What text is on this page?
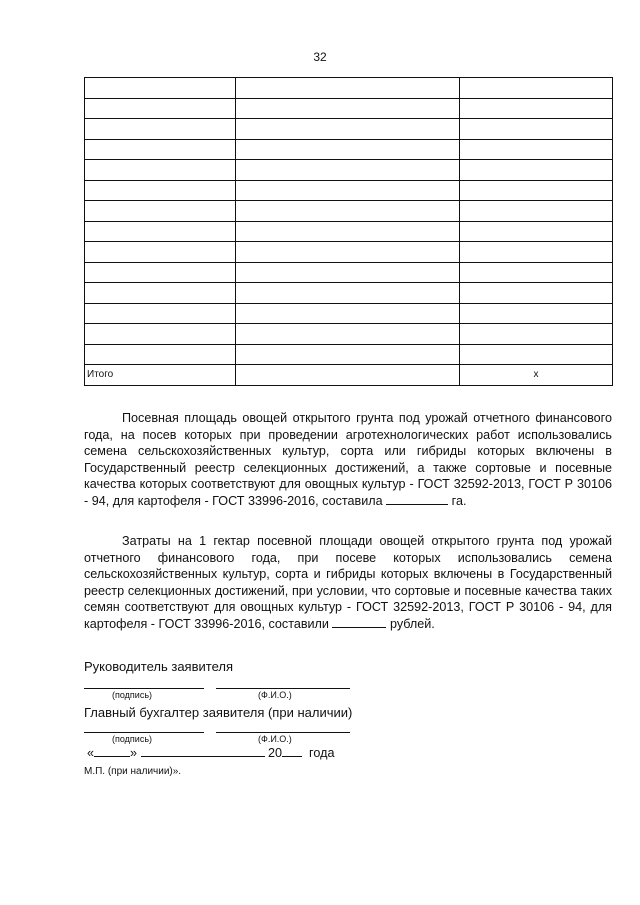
32

Итого		х

Посевная площадь овощей открытого грунта под урожай отчетного финансового года, на посев которых при проведении агротехнологических работ использовались семена сельскохозяйственных культур, сорта или гибриды которых включены в Государственный реестр селекционных достижений, а также сортовые и посевные качества которых соответствуют для овощных культур - ГОСТ 32592-2013, ГОСТ Р 30106 - 94, для картофеля - ГОСТ 33996-2016, составила	га.

Затраты на 1 гектар посевной площади овощей открытого грунта под урожай отчетного финансового года, при посеве которых использовались семена сельскохозяйственных культур, сорта и гибриды которых включены в Государственный реестр селекционных достижений, при условии, что сортовые и посевные качества таких семян соответствуют для овощных культур - ГОСТ 32592-2013, ГОСТ Р 30106 - 94, для картофеля - ГОСТ 33996-2016, составили	рублей.

Руководитель заявителя
(подпись)	(Ф.И.О.)
Главный бухгалтер заявителя (при наличии)
(подпись)	(Ф.И.О.)
«	»	20 года
М.П. (при наличии)».
